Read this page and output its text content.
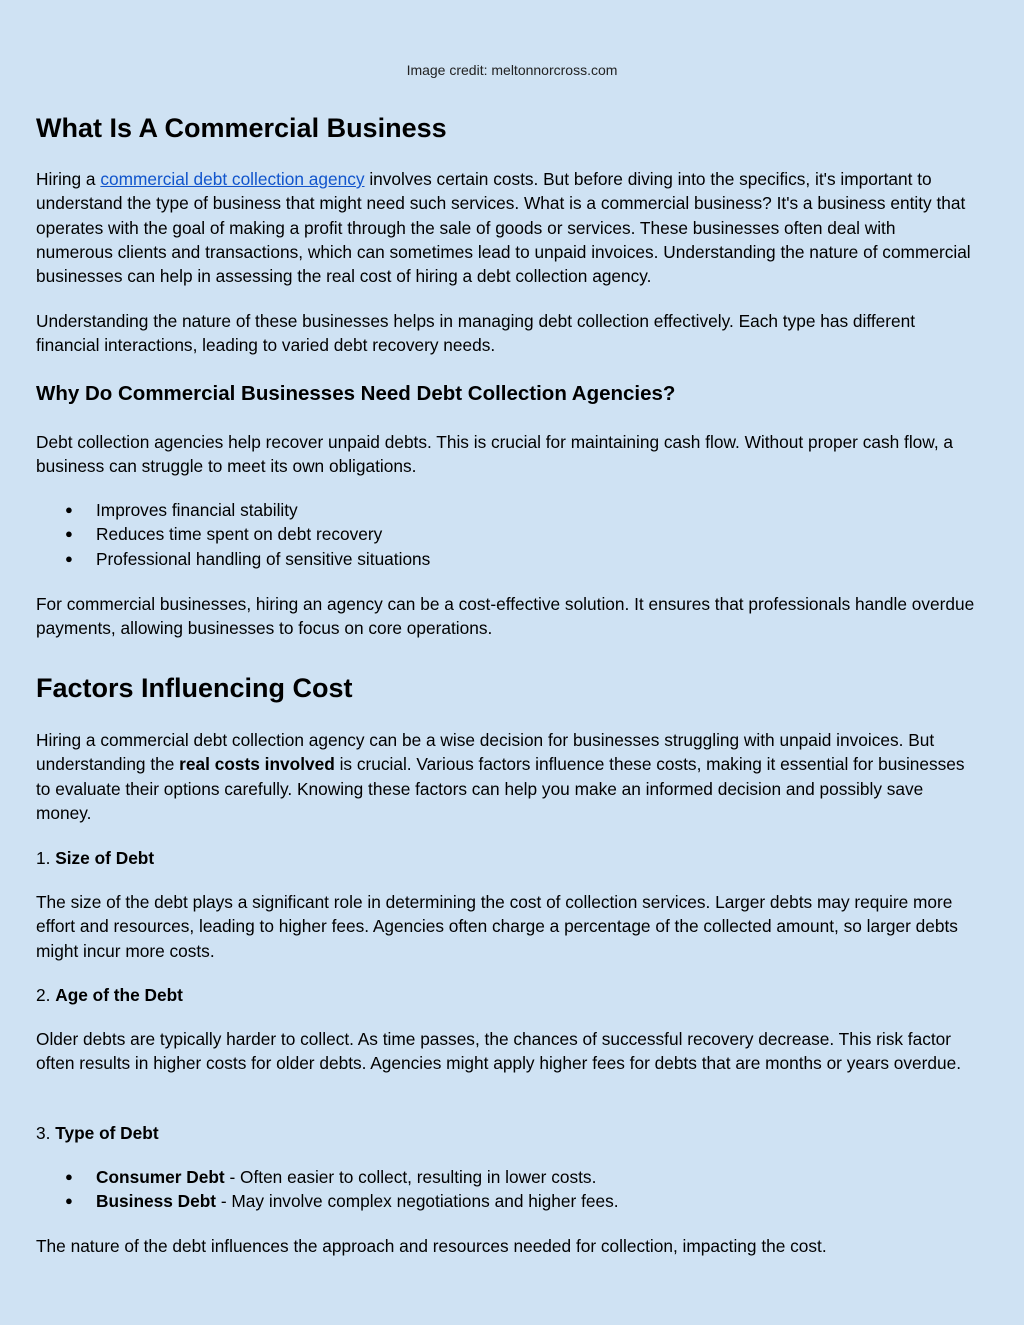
Image credit: meltonnorcross.com
What Is A Commercial Business

Hiring a commercial debt collection agency involves certain costs. But before diving into the specifics, it's important to understand the type of business that might need such services. What is a commercial business? It's a business entity that operates with the goal of making a profit through the sale of goods or services. These businesses often deal with numerous clients and transactions, which can sometimes lead to unpaid invoices. Understanding the nature of commercial businesses can help in assessing the real cost of hiring a debt collection agency.

Understanding the nature of these businesses helps in managing debt collection effectively. Each type has different financial interactions, leading to varied debt recovery needs.

Why Do Commercial Businesses Need Debt Collection Agencies?

Debt collection agencies help recover unpaid debts. This is crucial for maintaining cash flow. Without proper cash flow, a business can struggle to meet its own obligations.

● Improves financial stability
● Reduces time spent on debt recovery
● Professional handling of sensitive situations

For commercial businesses, hiring an agency can be a cost-effective solution. It ensures that professionals handle overdue payments, allowing businesses to focus on core operations.

Factors Influencing Cost

Hiring a commercial debt collection agency can be a wise decision for businesses struggling with unpaid invoices. But understanding the real costs involved is crucial. Various factors influence these costs, making it essential for businesses to evaluate their options carefully. Knowing these factors can help you make an informed decision and possibly save money.

1. Size of Debt

The size of the debt plays a significant role in determining the cost of collection services. Larger debts may require more effort and resources, leading to higher fees. Agencies often charge a percentage of the collected amount, so larger debts might incur more costs.

2. Age of the Debt

Older debts are typically harder to collect. As time passes, the chances of successful recovery decrease. This risk factor often results in higher costs for older debts. Agencies might apply higher fees for debts that are months or years overdue.

3. Type of Debt

● Consumer Debt - Often easier to collect, resulting in lower costs.
● Business Debt - May involve complex negotiations and higher fees.

The nature of the debt influences the approach and resources needed for collection, impacting the cost.
